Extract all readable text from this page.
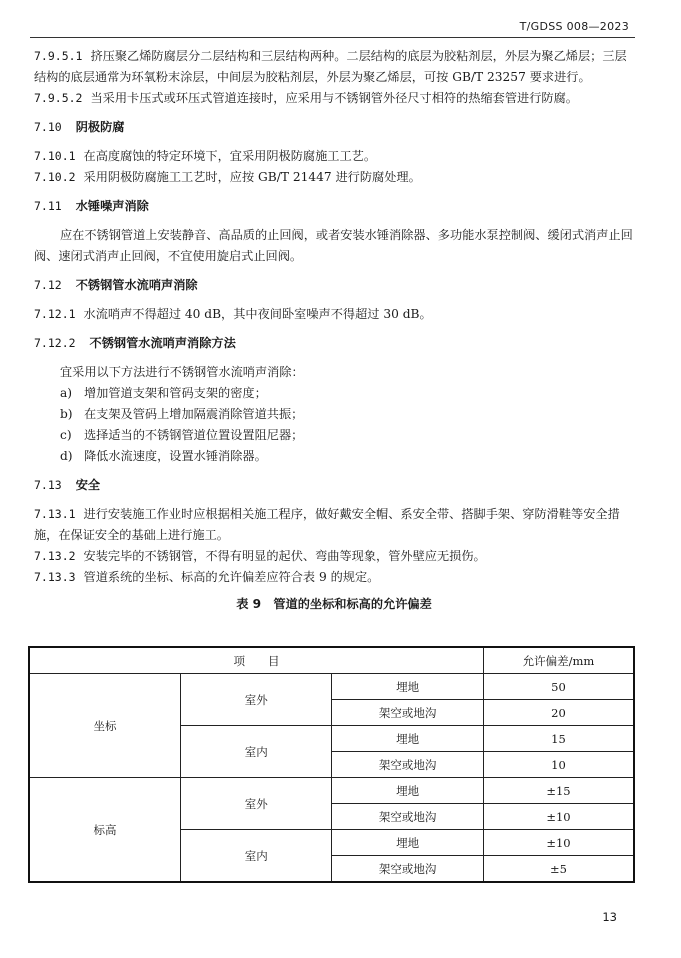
T/GDSS 008—2023

7.9.5.1 挤压聚乙烯防腐层分二层结构和三层结构两种。二层结构的底层为胶粘剂层，外层为聚乙烯层；三层结构的底层通常为环氧粉末涂层，中间层为胶粘剂层，外层为聚乙烯层，可按 GB/T 23257 要求进行。

7.9.5.2 当采用卡压式或环压式管道连接时，应采用与不锈钢管外径尺寸相符的热缩套管进行防腐。

7.10 阴极防腐

7.10.1 在高度腐蚀的特定环境下，宜采用阴极防腐施工工艺。

7.10.2 采用阴极防腐施工工艺时，应按 GB/T 21447 进行防腐处理。

7.11 水锤噪声消除

应在不锈钢管道上安装静音、高品质的止回阀，或者安装水锤消除器、多功能水泵控制阀、缓闭式消声止回阀、速闭式消声止回阀，不宜使用旋启式止回阀。

7.12 不锈钢管水流哨声消除

7.12.1 水流哨声不得超过 40 dB，其中夜间卧室噪声不得超过 30 dB。

7.12.2 不锈钢管水流哨声消除方法

宜采用以下方法进行不锈钢管水流哨声消除：

a) 增加管道支架和管码支架的密度；

b) 在支架及管码上增加隔震消除管道共振；

c) 选择适当的不锈钢管道位置设置阻尼器；

d) 降低水流速度，设置水锤消除器。

7.13 安全

7.13.1 进行安装施工作业时应根据相关施工程序，做好戴安全帽、系安全带、搭脚手架、穿防滑鞋等安全措施，在保证安全的基础上进行施工。

7.13.2 安装完毕的不锈钢管，不得有明显的起伏、弯曲等现象，管外壁应无损伤。

7.13.3 管道系统的坐标、标高的允许偏差应符合表 9 的规定。

表 9　管道的坐标和标高的允许偏差

项　　目			允许偏差/mm
坐标	室外	埋地	50
		架空或地沟	20
	室内	埋地	15
		架空或地沟	10
标高	室外	埋地	±15
		架空或地沟	±10
	室内	埋地	±10
		架空或地沟	±5
13
